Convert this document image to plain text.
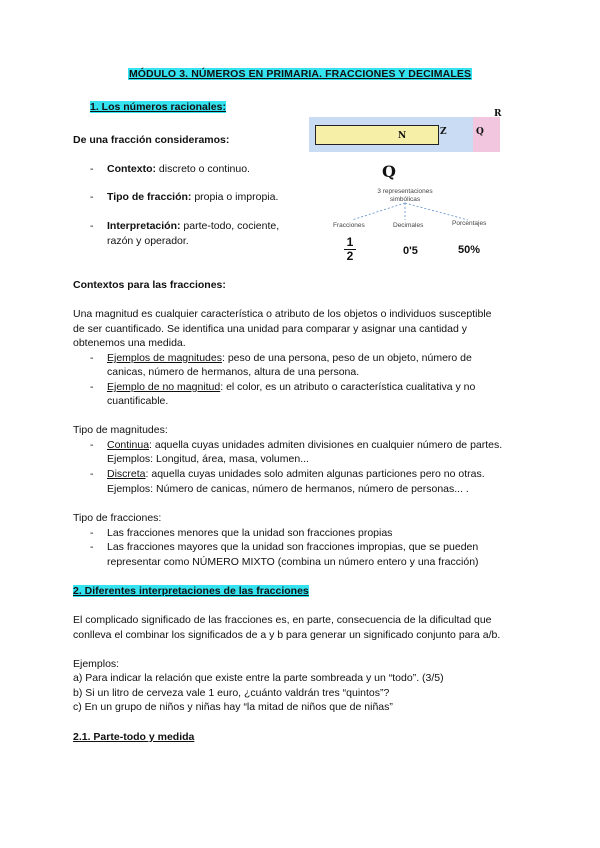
MÓDULO 3. NÚMEROS EN PRIMARIA. FRACCIONES Y DECIMALES
1. Los números racionales:
De una fracción consideramos:
- Contexto: discreto o continuo.
- Tipo de fracción: propia o impropia.
- Interpretación: parte-todo, cociente,
razón y operador.
R
N	Z	Q
Q
3 representaciones
simbólicas
Fracciones	Decimales	Porcentajes
1
2	0'5	50%
Contextos para las fracciones:
Una magnitud es cualquier característica o atributo de los objetos o individuos susceptible
de ser cuantificado. Se identifica una unidad para comparar y asignar una cantidad y
obtenemos una medida.
- Ejemplos de magnitudes: peso de una persona, peso de un objeto, número de
canicas, número de hermanos, altura de una persona.
- Ejemplo de no magnitud: el color, es un atributo o característica cualitativa y no
cuantificable.
Tipo de magnitudes:
- Continua: aquella cuyas unidades admiten divisiones en cualquier número de partes.
Ejemplos: Longitud, área, masa, volumen...
- Discreta: aquella cuyas unidades solo admiten algunas particiones pero no otras.
Ejemplos: Número de canicas, número de hermanos, número de personas... .
Tipo de fracciones:
- Las fracciones menores que la unidad son fracciones propias
- Las fracciones mayores que la unidad son fracciones impropias, que se pueden
representar como NÚMERO MIXTO (combina un número entero y una fracción)
2. Diferentes interpretaciones de las fracciones
El complicado significado de las fracciones es, en parte, consecuencia de la dificultad que
conlleva el combinar los significados de a y b para generar un significado conjunto para a/b.
Ejemplos:
a) Para indicar la relación que existe entre la parte sombreada y un “todo”. (3/5)
b) Si un litro de cerveza vale 1 euro, ¿cuánto valdrán tres “quintos”?
c) En un grupo de niños y niñas hay “la mitad de niños que de niñas”
2.1. Parte-todo y medida
